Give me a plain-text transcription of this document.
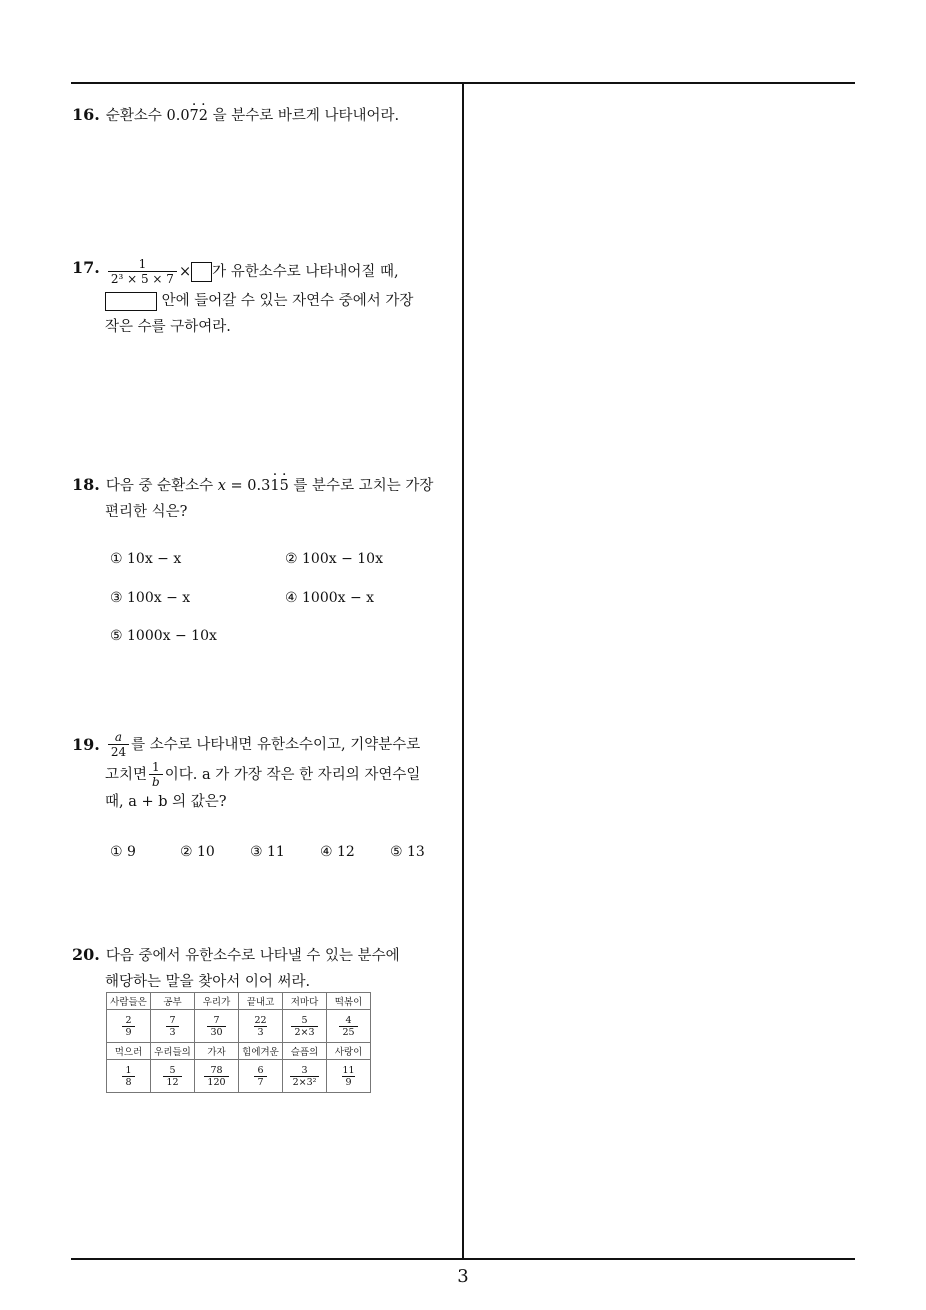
16. 순환소수 0.07 ·2 · 을 분수로 바르게 나타내어라.
17. $\frac{1}{\text{2³ × 5 × 7}}$ × 가 유한소수로 나타내어질 때,
안에 들어갈 수 있는 자연수 중에서 가장
작은 수를 구하여라.
18. 다음 중 순환소수 x = 0.31 ·5 · 를 분수로 고치는 가장
편리한 식은?
① 10x − x	② 100x − 10x
③ 100x − x	④ 1000x − x
⑤ 1000x − 10x
19. $\frac{a}{24}$ 를 소수로 나타내면 유한소수이고, 기약분수로
고치면 $\frac{1}{b}$ 이다. a 가 가장 작은 한 자리의 자연수일
때, a + b 의 값은?
① 9	② 10	③ 11	④ 12	⑤ 13
20. 다음 중에서 유한소수로 나타낼 수 있는 분수에
해당하는 말을 찾아서 이어 써라.
사람들은	공부	우리가	끝내고	저마다	떡볶이

$\frac{2}{9}$	$\frac{7}{3}$	$\frac{7}{30}$	$\frac{22}{3}$	$\frac{5}{2\times 3}$	$\frac{4}{25}$

먹으러	우리들의	가자	힘에겨운	슬픔의	사랑이

$\frac{1}{8}$	$\frac{5}{12}$	$\frac{78}{120}$	$\frac{6}{7}$	$\frac{3}{\text{2×3²}}$	$\frac{11}{9}$
3
